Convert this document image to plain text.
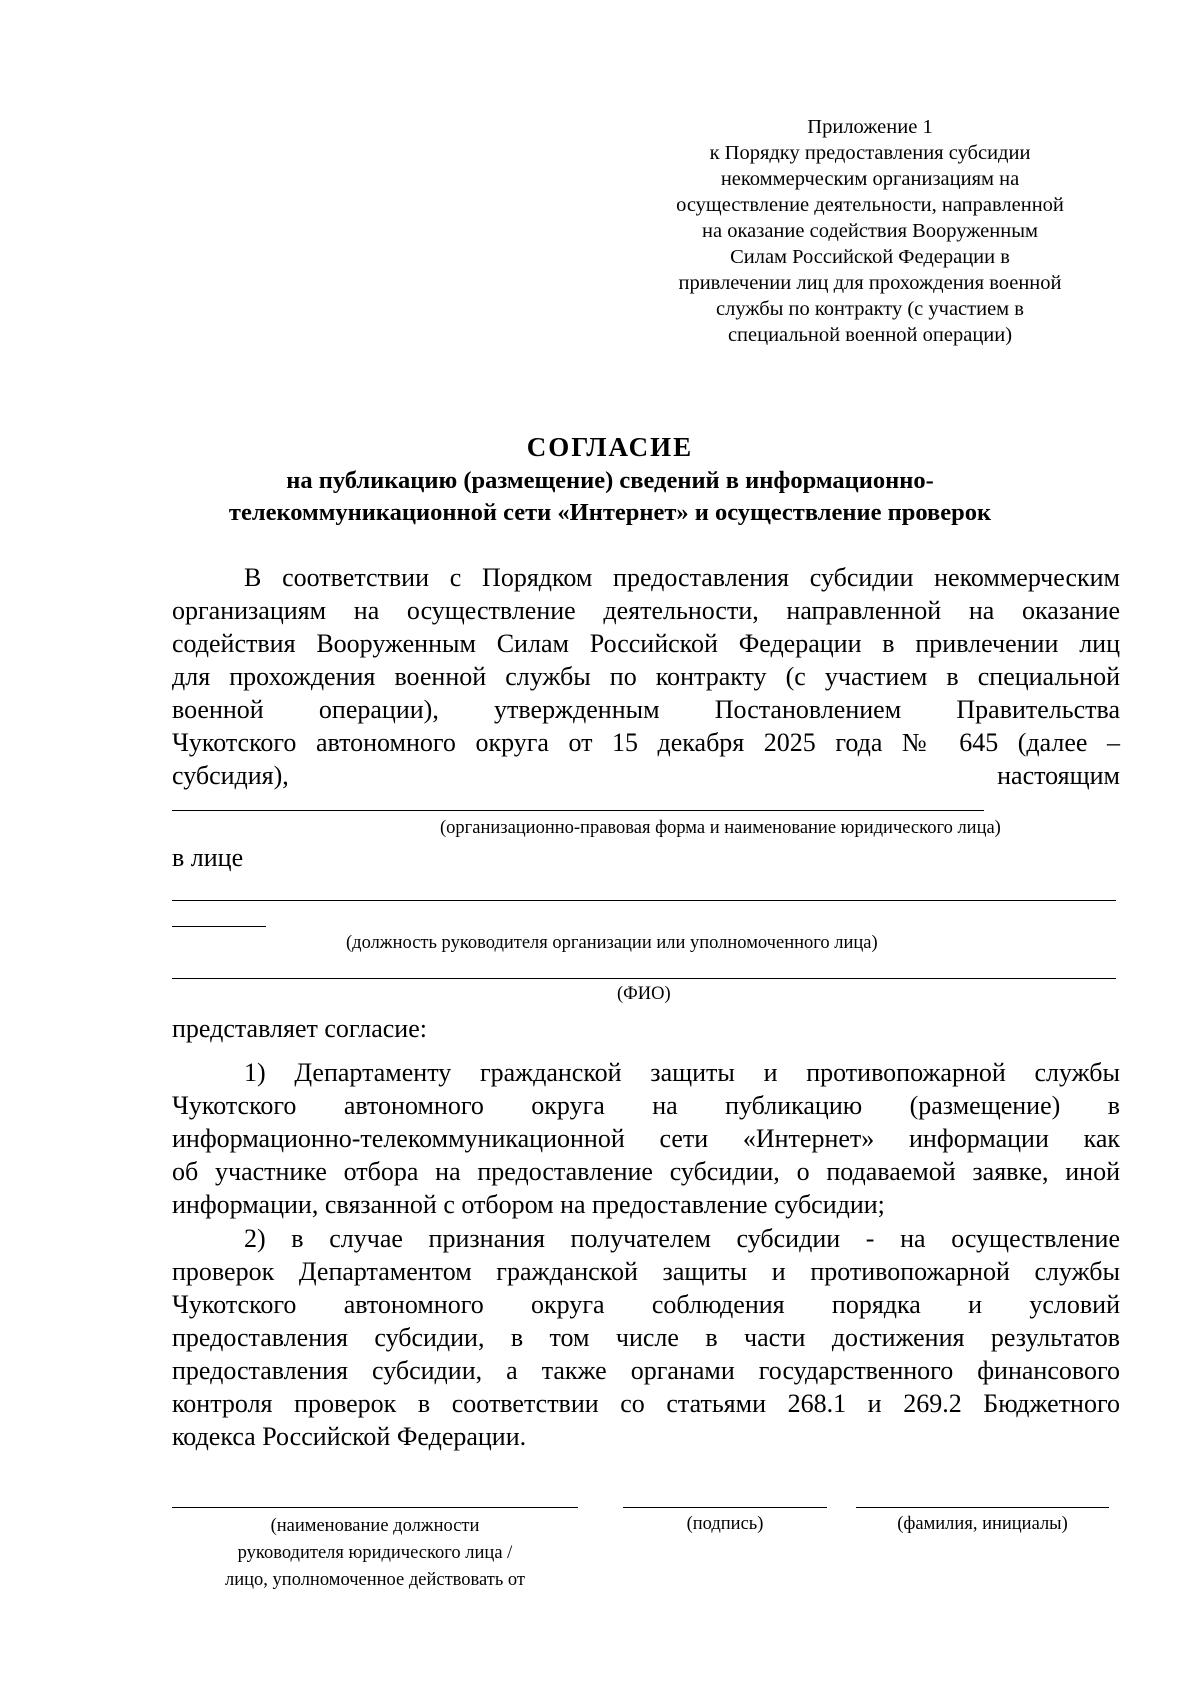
Приложение 1
к Порядку предоставления субсидии
некоммерческим организациям на
осуществление деятельности, направленной
на оказание содействия Вооруженным
Силам Российской Федерации в
привлечении лиц для прохождения военной
службы по контракту (с участием в
специальной военной операции)
СОГЛАСИЕ
на публикацию (размещение) сведений в информационно-
телекоммуникационной сети «Интернет» и осуществление проверок
В соответствии с Порядком предоставления субсидии некоммерческим
организациям на осуществление деятельности, направленной на оказание
содействия Вооруженным Силам Российской Федерации в привлечении лиц
для прохождения военной службы по контракту (с участием в специальной
военной операции), утвержденным Постановлением Правительства
Чукотского автономного округа от 15 декабря 2025 года № 645 (далее –
субсидия), настоящим
(организационно-правовая форма и наименование юридического лица)
в лице
(должность руководителя организации или уполномоченного лица)
(ФИО)
представляет согласие:
1) Департаменту гражданской защиты и противопожарной службы
Чукотского автономного округа на публикацию (размещение) в
информационно-телекоммуникационной сети «Интернет» информации как
об участнике отбора на предоставление субсидии, о подаваемой заявке, иной
информации, связанной с отбором на предоставление субсидии;
2) в случае признания получателем субсидии - на осуществление
проверок Департаментом гражданской защиты и противопожарной службы
Чукотского автономного округа соблюдения порядка и условий
предоставления субсидии, в том числе в части достижения результатов
предоставления субсидии, а также органами государственного финансового
контроля проверок в соответствии со статьями 268.1 и 269.2 Бюджетного
кодекса Российской Федерации.
(наименование должности
руководителя юридического лица /
лицо, уполномоченное действовать от
(подпись)	(фамилия, инициалы)
